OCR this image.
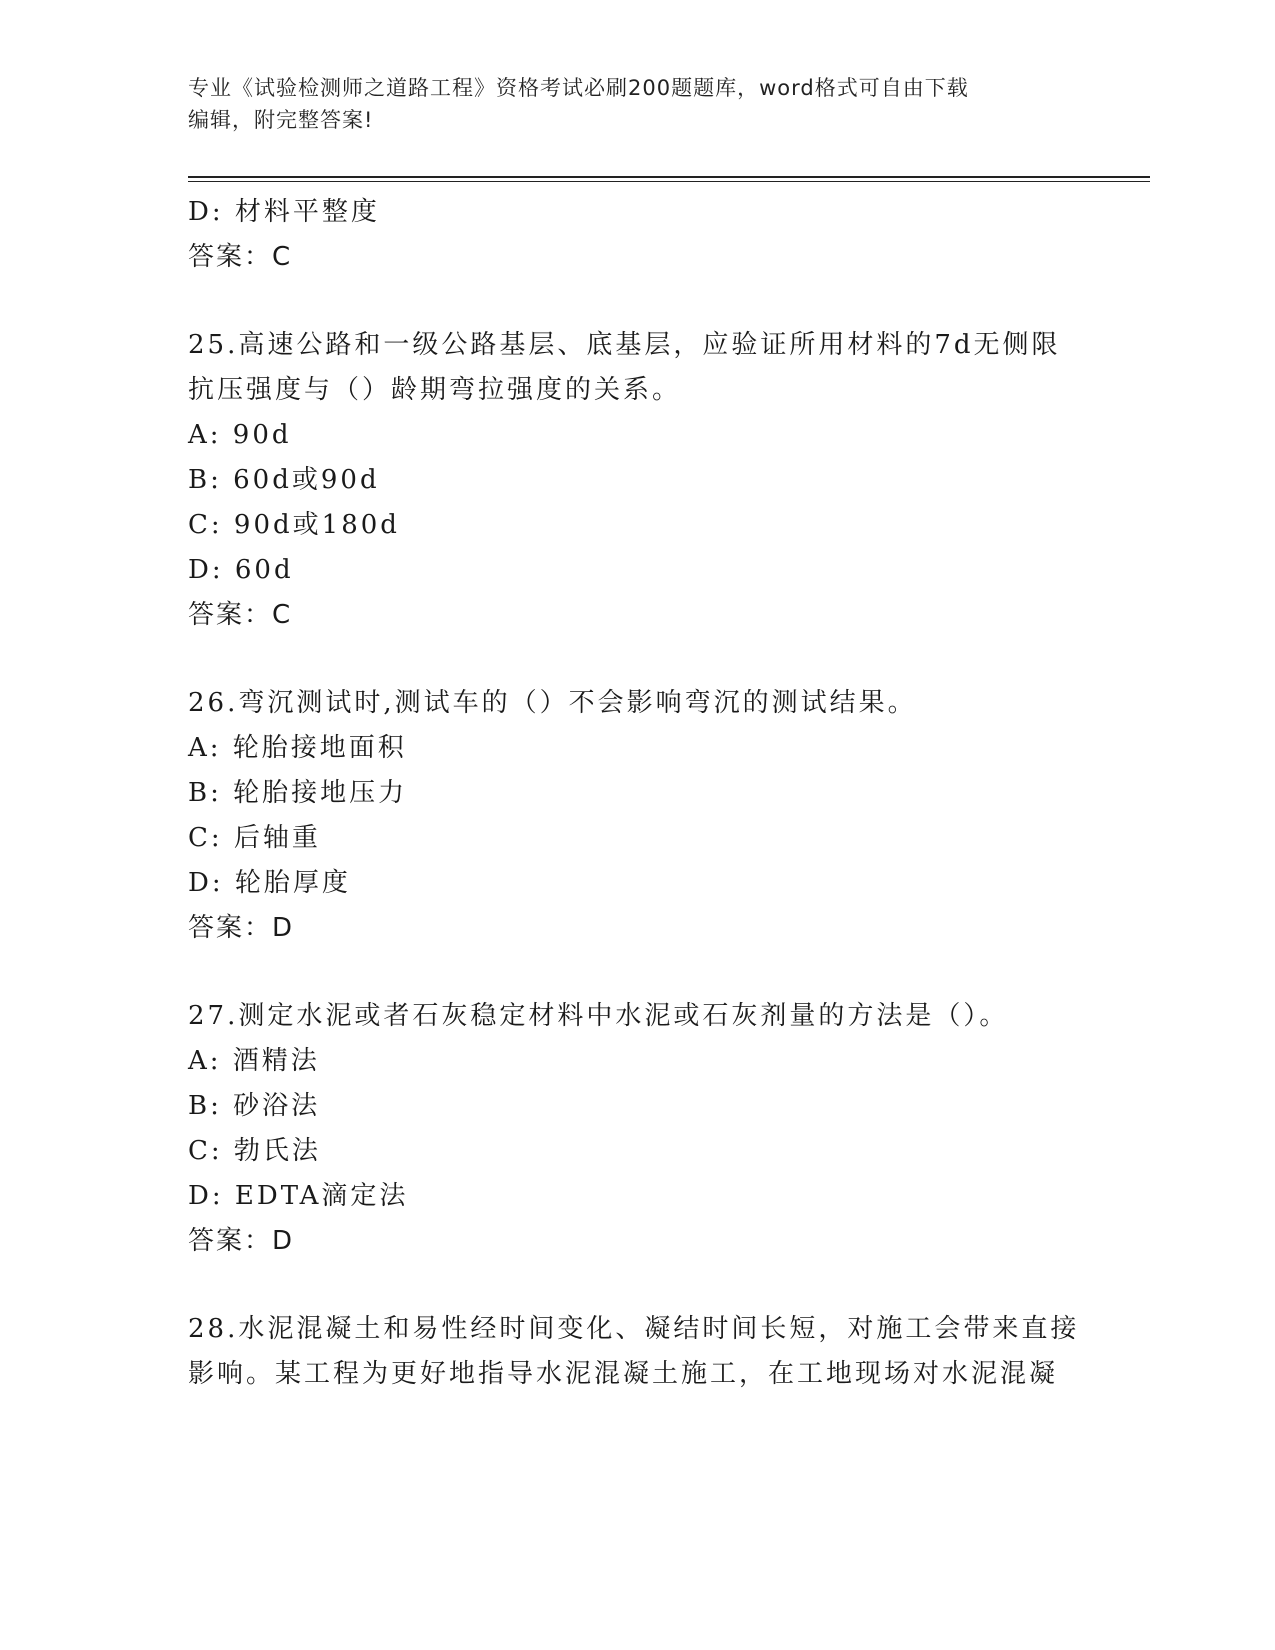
专业《试验检测师之道路工程》资格考试必刷200题题库，word格式可自由下载
编辑，附完整答案!
D: 材料平整度
答案：C
25.高速公路和一级公路基层、底基层，应验证所用材料的7d无侧限
抗压强度与（）龄期弯拉强度的关系。
A: 90d
B: 60d或90d
C: 90d或180d
D: 60d
答案：C
26.弯沉测试时,测试车的（）不会影响弯沉的测试结果。
A: 轮胎接地面积
B: 轮胎接地压力
C: 后轴重
D: 轮胎厚度
答案：D
27.测定水泥或者石灰稳定材料中水泥或石灰剂量的方法是（）。
A: 酒精法
B: 砂浴法
C: 勃氏法
D: EDTA滴定法
答案：D
28.水泥混凝土和易性经时间变化、凝结时间长短，对施工会带来直接
影响。某工程为更好地指导水泥混凝土施工，在工地现场对水泥混凝
